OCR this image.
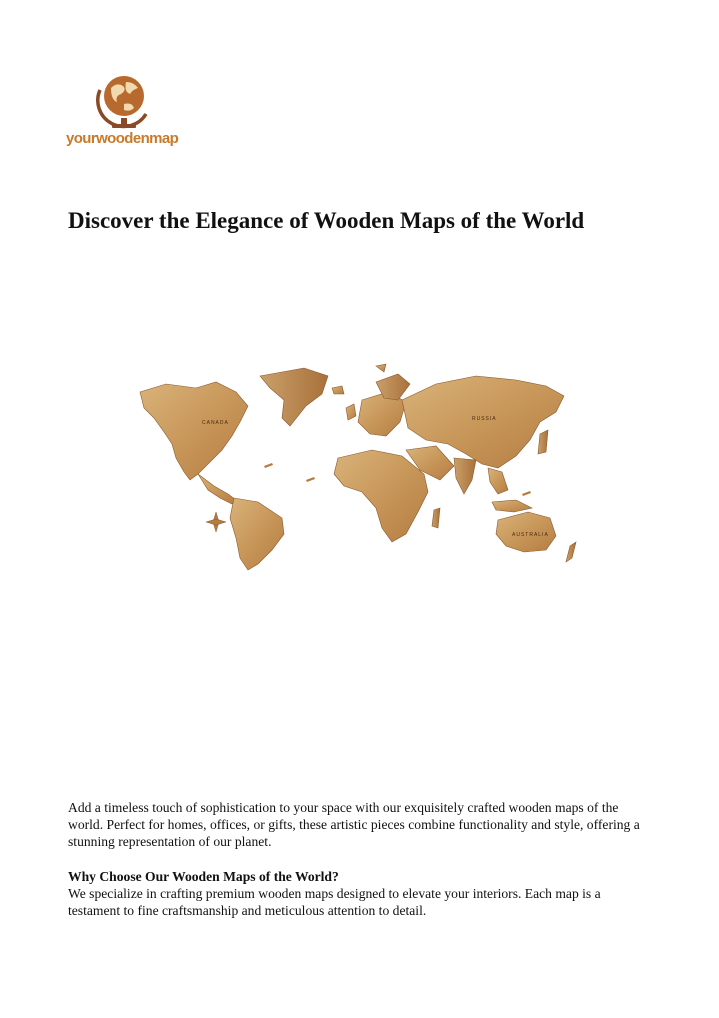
yourwoodenmap
Discover the Elegance of Wooden Maps of the World
CANADA
RUSSIA
AUSTRALIA

Add a timeless touch of sophistication to your space with our exquisitely crafted wooden maps of the world. Perfect for homes, offices, or gifts, these artistic pieces combine functionality and style, offering a stunning representation of our planet.

Why Choose Our Wooden Maps of the World?

We specialize in crafting premium wooden maps designed to elevate your interiors. Each map is a testament to fine craftsmanship and meticulous attention to detail.
